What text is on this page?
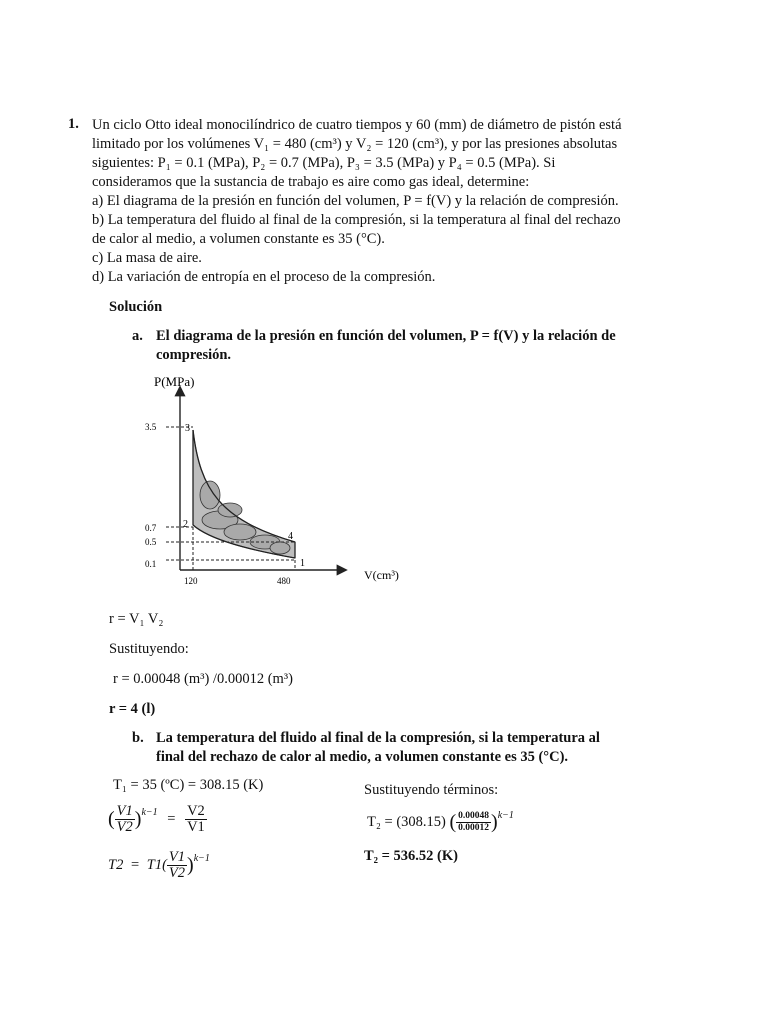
1. Un ciclo Otto ideal monocilíndrico de cuatro tiempos y 60 (mm) de diámetro de pistón está
limitado por los volúmenes V₁ = 480 (cm³) y V₂ = 120 (cm³), y por las presiones absolutas
siguientes: P₁ = 0.1 (MPa), P₂ = 0.7 (MPa), P₃ = 3.5 (MPa) y P₄ = 0.5 (MPa). Si
consideramos que la sustancia de trabajo es aire como gas ideal, determine:
a) El diagrama de la presión en función del volumen, P = f(V) y la relación de compresión.
b) La temperatura del fluido al final de la compresión, si la temperatura al final del rechazo
de calor al medio, a volumen constante es 35 (°C).
c) La masa de aire.
d) La variación de entropía en el proceso de la compresión.
Solución
a. El diagrama de la presión en función del volumen, P = f(V) y la relación de
compresión.
P(MPa)
V(cm³)
3.5
0.7
0.5
0.1
120	480
1
2
3
4
r = V₁ V₂
Sustituyendo:
r = 0.00048 (m³) /0.00012 (m³)
r = 4 (l)
b. La temperatura del fluido al final de la compresión, si la temperatura al
final del rechazo de calor al medio, a volumen constante es 35 (°C).
T₁ = 35 (ºC) = 308.15 (K)
( $\frac{V1}{V2} )^{k-1} = \frac{V2}{V1}$
$T2 = T1( \frac{V1}{V2} )^{k-1}$
Sustituyendo términos:
T₂ = (308.15) ( $\frac{0.00048}{0.00012} )^{k-1}$
T₂ = 536.52 (K)
